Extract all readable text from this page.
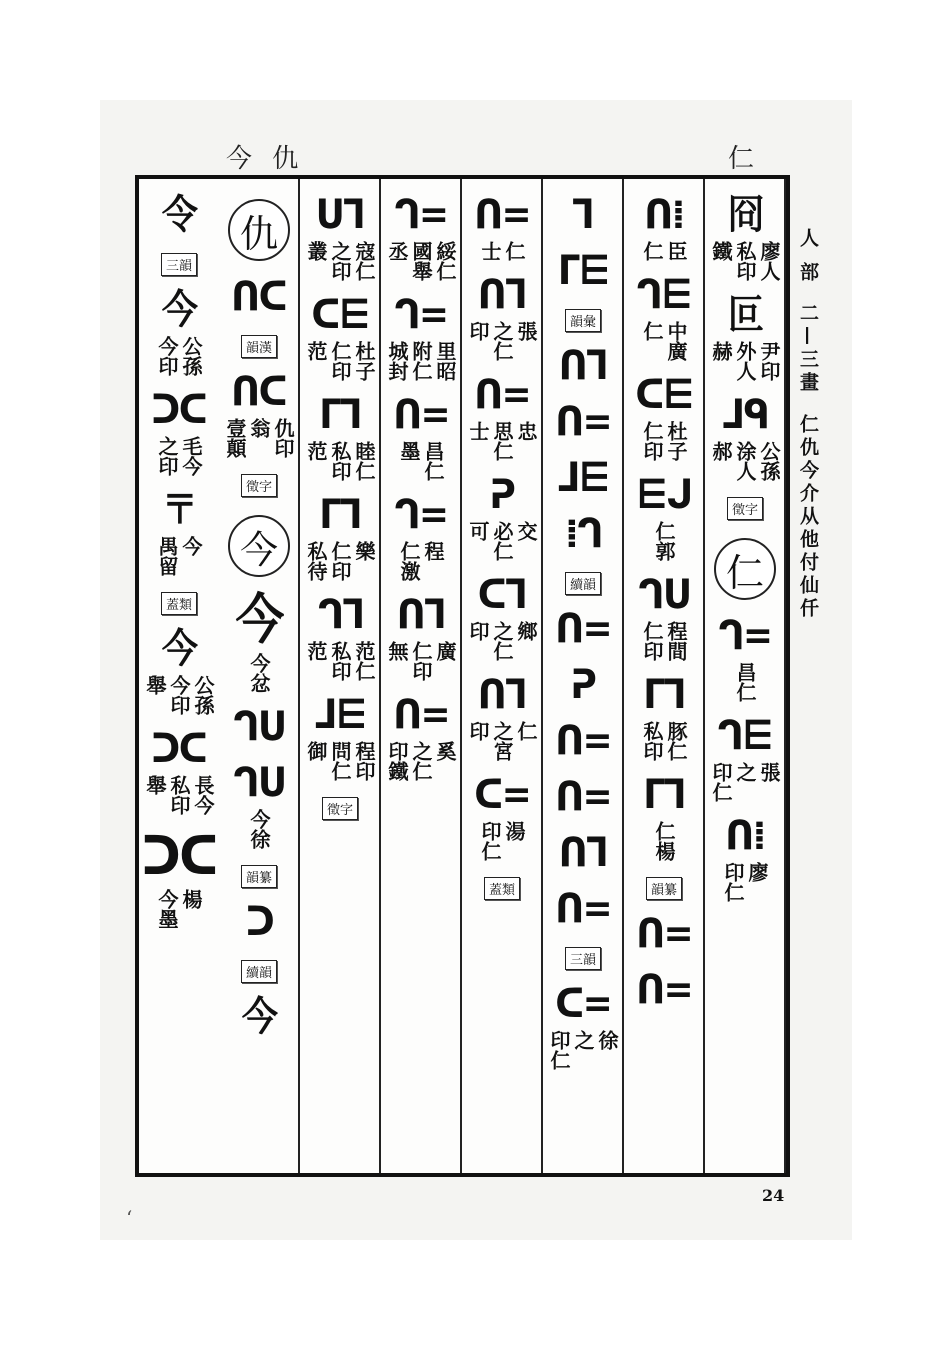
今 仇	仁
冏
廖人
私印
鐵
叵
尹印
外人
赫
ᒧᑫ
公孫
涂人
郝
徵字
仁
ᒉ=
昌仁
ᒉ⋿
張
之
印仁
ᑎ⁞
廖
印仁
ᑎ⁞
臣
仁
ᒉ⋿
中廣
仁
ᑕ⋿
杜子
仁印
⋿ᒍ
仁郭
ᒉᑌ
程間
仁印
ᒥᒣ
豚仁
私印
ᒥᒣ
仁楊
韻纂
ᑎ=
ᑎ=
ᒣ
ᒥ⋿
韻彙
ᑎᒣ
ᑎ=
ᒧ⋿
⁞ᒉ
續韻
ᑎ=
ᕈ
ᑎ=
ᑎ=
ᑎᒣ
ᑎ=
三韻
ᑕ=
徐
之
印仁
ᑎ=
仁
士
ᑎᒣ
張
之仁
印
ᑎ=
忠
思仁
士
ᕈ
交
必仁
可
ᑕᒣ
鄉
之仁
印
ᑎᒣ
仁
之宮
印
ᑕ=
湯
印仁
蓋類
ᒉ=
綏仁
國舉
丞
ᒉ=
里昭
附仁
城封
ᑎ=
昌仁
墨
ᒉ=
程
仁激
ᑎᒣ
廣
仁印
無
ᑎ=
奚
之仁
印鐵
ᑌᒣ
寇仁
之印
叢
ᑕ⋿
杜子
仁印
范
ᒥᒣ
睦仁
私印
范
ᒥᒣ
樂
仁印
私待
ᒉᒣ
范仁
私印
范
ᒧ⋿
程印
問仁
御
徵字
仇
ᑎᑕ
韻漢
ᑎᑕ
仇印
翁
壹顛
徵字
今
今
今忿
ᒉᑌ
ᒉᑌ
今徐
韻纂
ᑐ
續韻
今
令
三韻
今
公孫
今印
ᑐᑕ
毛今
之印
〒
今
禺留
蓋類
今
公孫
今印
舉
ᑐᑕ
長今
私印
舉
ᑐᑕ
楊
今墨
人 部 二—三畫 仁仇今介从他付仙仟
24
ʻ
